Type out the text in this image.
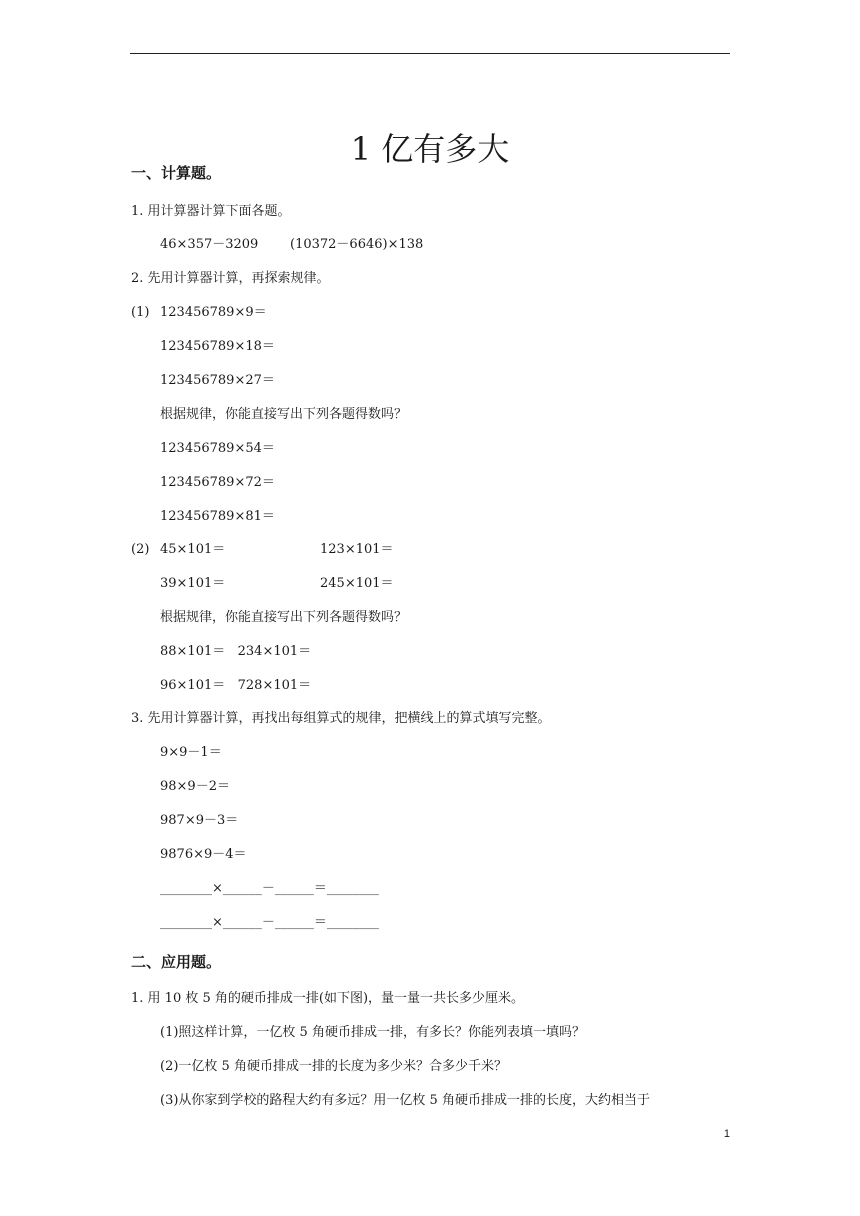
1 亿有多大
一、计算题。
1. 用计算器计算下面各题。
46×357－3209 (10372－6646)×138
2. 先用计算器计算，再探索规律。
(1) 123456789×9＝
123456789×18＝
123456789×27＝
根据规律，你能直接写出下列各题得数吗？
123456789×54＝
123456789×72＝
123456789×81＝
(2) 45×101＝	123×101＝
39×101＝	245×101＝
根据规律，你能直接写出下列各题得数吗？
88×101＝   234×101＝
96×101＝   728×101＝
3. 先用计算器计算，再找出每组算式的规律，把横线上的算式填写完整。
9×9－1＝
98×9－2＝
987×9－3＝
9876×9－4＝
________×______－______＝________
________×______－______＝________
二、应用题。
1. 用 10 枚 5 角的硬币排成一排(如下图)，量一量一共长多少厘米。
(1)照这样计算，一亿枚 5 角硬币排成一排，有多长？你能列表填一填吗？
(2)一亿枚 5 角硬币排成一排的长度为多少米？合多少千米？
(3)从你家到学校的路程大约有多远？用一亿枚 5 角硬币排成一排的长度，大约相当于
1
